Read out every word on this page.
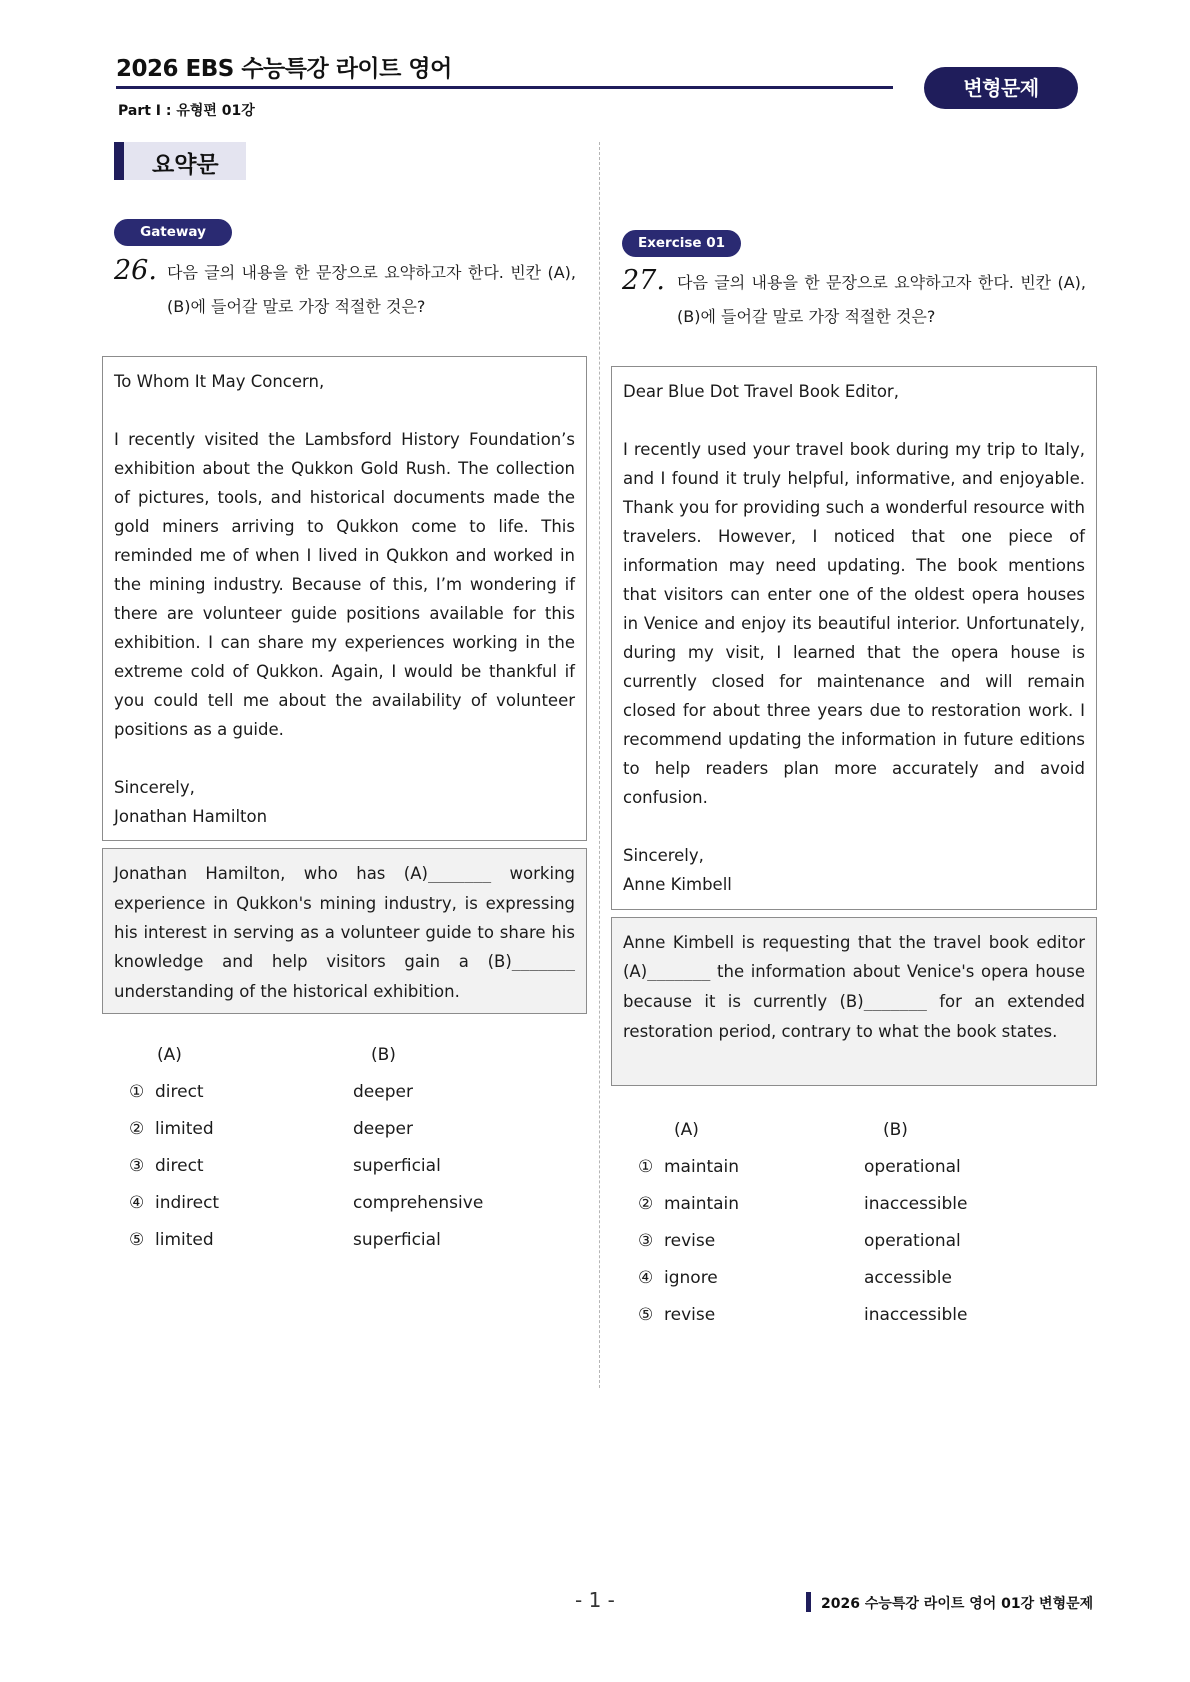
2026 EBS 수능특강 라이트 영어
Part Ⅰ : 유형편 01강
변형문제
요약문
Gateway
26. 다음 글의 내용을 한 문장으로 요약하고자 한다. 빈칸 (A),
(B)에 들어갈 말로 가장 적절한 것은?

To Whom It May Concern,

I recently visited the Lambsford History Foundation’s exhibition about the Qukkon Gold Rush. The collection of pictures, tools, and historical documents made the gold miners arriving to Qukkon come to life. This reminded me of when I lived in Qukkon and worked in the mining industry. Because of this, I’m wondering if there are volunteer guide positions available for this exhibition. I can share my experiences working in the extreme cold of Qukkon. Again, I would be thankful if you could tell me about the availability of volunteer positions as a guide.

Sincerely,

Jonathan Hamilton

Jonathan Hamilton, who has (A)_______ working experience in Qukkon's mining industry, is expressing his interest in serving as a volunteer guide to share his knowledge and help visitors gain a (B)_______ understanding of the historical exhibition.
(A)	(B)
① direct	deeper
② limited	deeper
③ direct	superficial
④ indirect	comprehensive
⑤ limited	superficial
Exercise 01
27. 다음 글의 내용을 한 문장으로 요약하고자 한다. 빈칸 (A),
(B)에 들어갈 말로 가장 적절한 것은?

Dear Blue Dot Travel Book Editor,

I recently used your travel book during my trip to Italy, and I found it truly helpful, informative, and enjoyable. Thank you for providing such a wonderful resource with travelers. However, I noticed that one piece of information may need updating. The book mentions that visitors can enter one of the oldest opera houses in Venice and enjoy its beautiful interior. Unfortunately, during my visit, I learned that the opera house is currently closed for maintenance and will remain closed for about three years due to restoration work. I recommend updating the information in future editions to help readers plan more accurately and avoid confusion.

Sincerely,

Anne Kimbell

Anne Kimbell is requesting that the travel book editor (A)_______ the information about Venice's opera house because it is currently (B)_______ for an extended restoration period, contrary to what the book states.
(A)	(B)
① maintain	operational
② maintain	inaccessible
③ revise	operational
④ ignore	accessible
⑤ revise	inaccessible
- 1 -	2026 수능특강 라이트 영어 01강 변형문제
